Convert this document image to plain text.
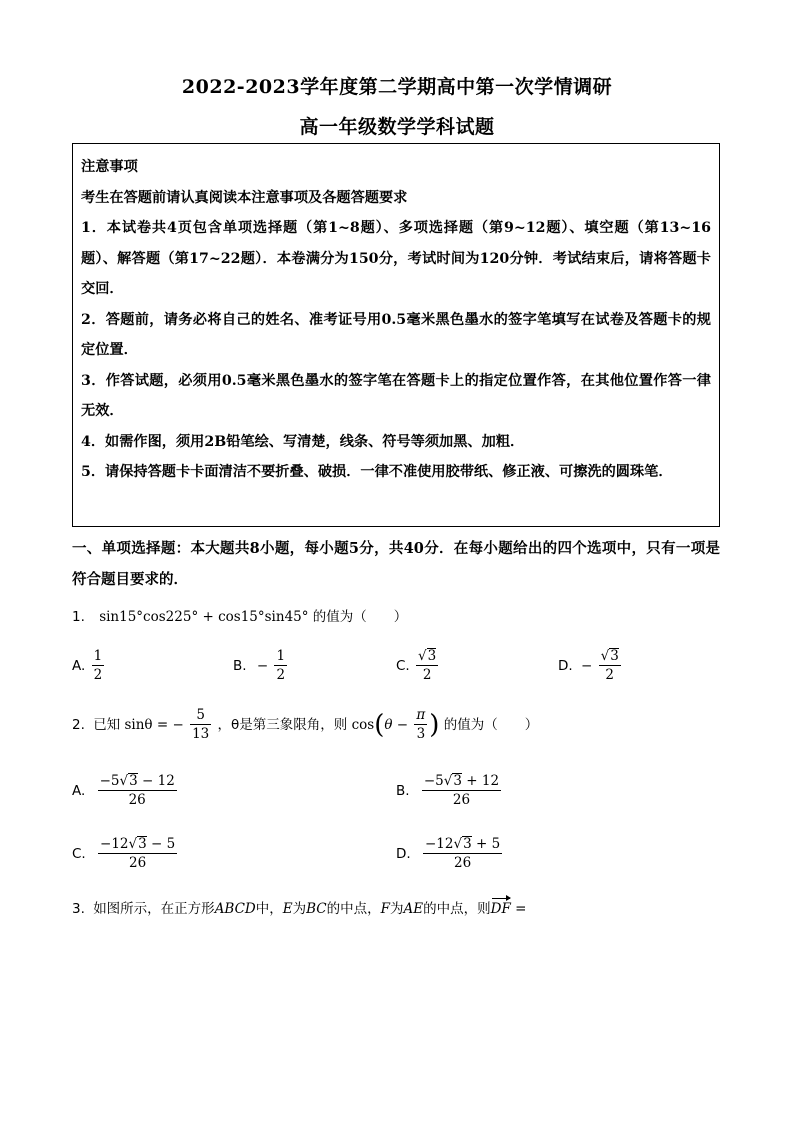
2022-2023学年度第二学期高中第一次学情调研
高一年级数学学科试题
注意事项
考生在答题前请认真阅读本注意事项及各题答题要求
1．本试卷共4页包含单项选择题（第1~8题）、多项选择题（第9~12题）、填空题（第13~16题）、解答题（第17~22题）．本卷满分为150分，考试时间为120分钟．考试结束后，请将答题卡交回．
2．答题前，请务必将自己的姓名、准考证号用0.5毫米黑色墨水的签字笔填写在试卷及答题卡的规定位置．
3．作答试题，必须用0.5毫米黑色墨水的签字笔在答题卡上的指定位置作答，在其他位置作答一律无效．
4．如需作图，须用2B铅笔绘、写清楚，线条、符号等须加黑、加粗．
5．请保持答题卡卡面清洁不要折叠、破损．一律不准使用胶带纸、修正液、可擦洗的圆珠笔．
一、单项选择题：本大题共8小题，每小题5分，共40分．在每小题给出的四个选项中，只有一项是符合题目要求的．
1. sin15°cos225° + cos15°sin45° 的值为（　　）
A. $\frac{1}{2}$	B. − $\frac{1}{2}$	C. $\frac{√3}{2}$	D. − $\frac{√3}{2}$
2. 已知 sinθ = − $\frac{5}{13}$ ，θ是第三象限角，则 $\cos(\theta - \frac{\pi}{3}$ ) 的值为（　　）
A. $\frac{-5√3 - 12}{26}$	B. $\frac{-5√3 + 12}{26}$
C. $\frac{-12√3 - 5}{26}$	D. $\frac{-12√3 + 5}{26}$
3. 如图所示，在正方形ABCD中，E为BC的中点，F为AE的中点，则DF =
